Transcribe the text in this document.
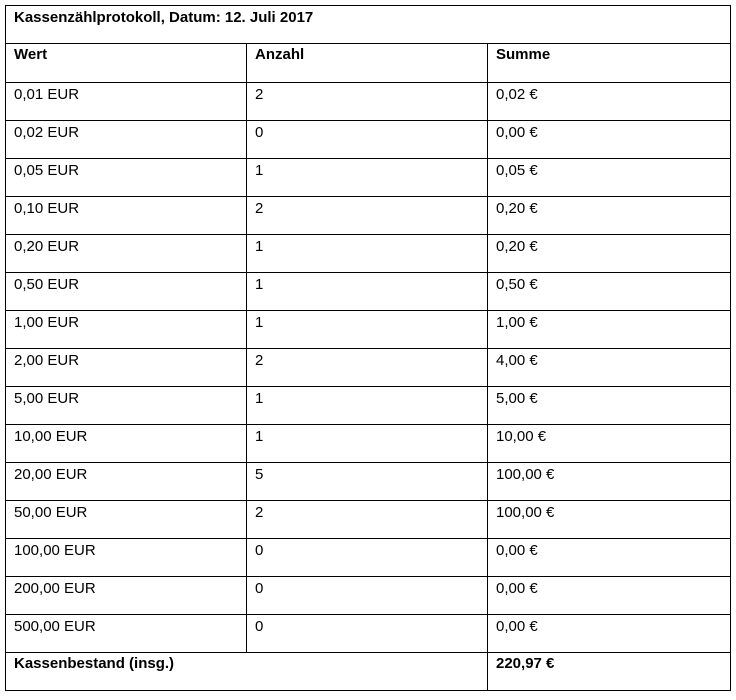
Kassenzählprotokoll, Datum: 12. Juli 2017		
Wert	Anzahl	Summe
0,01 EUR	2	0,02 €
0,02 EUR	0	0,00 €
0,05 EUR	1	0,05 €
0,10 EUR	2	0,20 €
0,20 EUR	1	0,20 €
0,50 EUR	1	0,50 €
1,00 EUR	1	1,00 €
2,00 EUR	2	4,00 €
5,00 EUR	1	5,00 €
10,00 EUR	1	10,00 €
20,00 EUR	5	100,00 €
50,00 EUR	2	100,00 €
100,00 EUR	0	0,00 €
200,00 EUR	0	0,00 €
500,00 EUR	0	0,00 €
Kassenbestand (insg.)		220,97 €
